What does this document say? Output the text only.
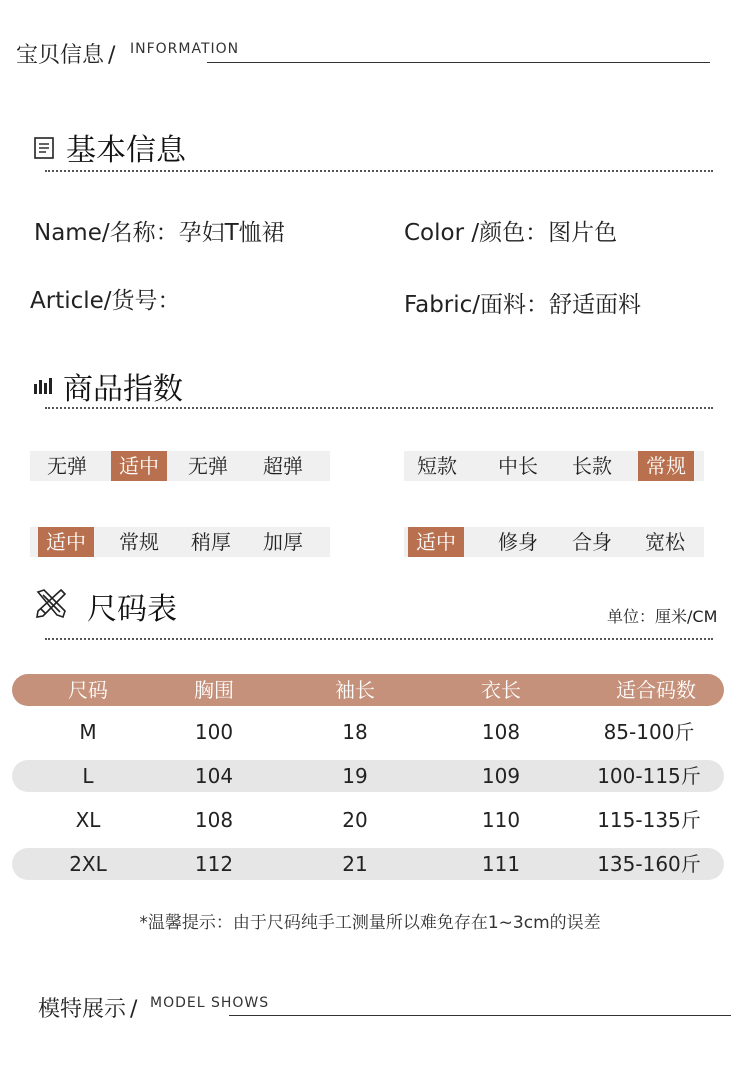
宝贝信息 /	INFORMATION
基本信息
Name/名称：孕妇T恤裙	Color /颜色：图片色
Article/货号：	Fabric/面料：舒适面料
商品指数
无弹	适中	无弹	超弹	短款	中长	长款	常规
适中	常规	稍厚	加厚	适中	修身	合身	宽松
尺码表	单位：厘米/CM
尺码	胸围	袖长	衣长	适合码数
M	100	18	108	85-100斤
L	104	19	109	100-115斤
XL	108	20	110	115-135斤
2XL	112	21	111	135-160斤
*温馨提示：由于尺码纯手工测量所以难免存在1~3cm的误差
模特展示 / MODEL SHOWS
